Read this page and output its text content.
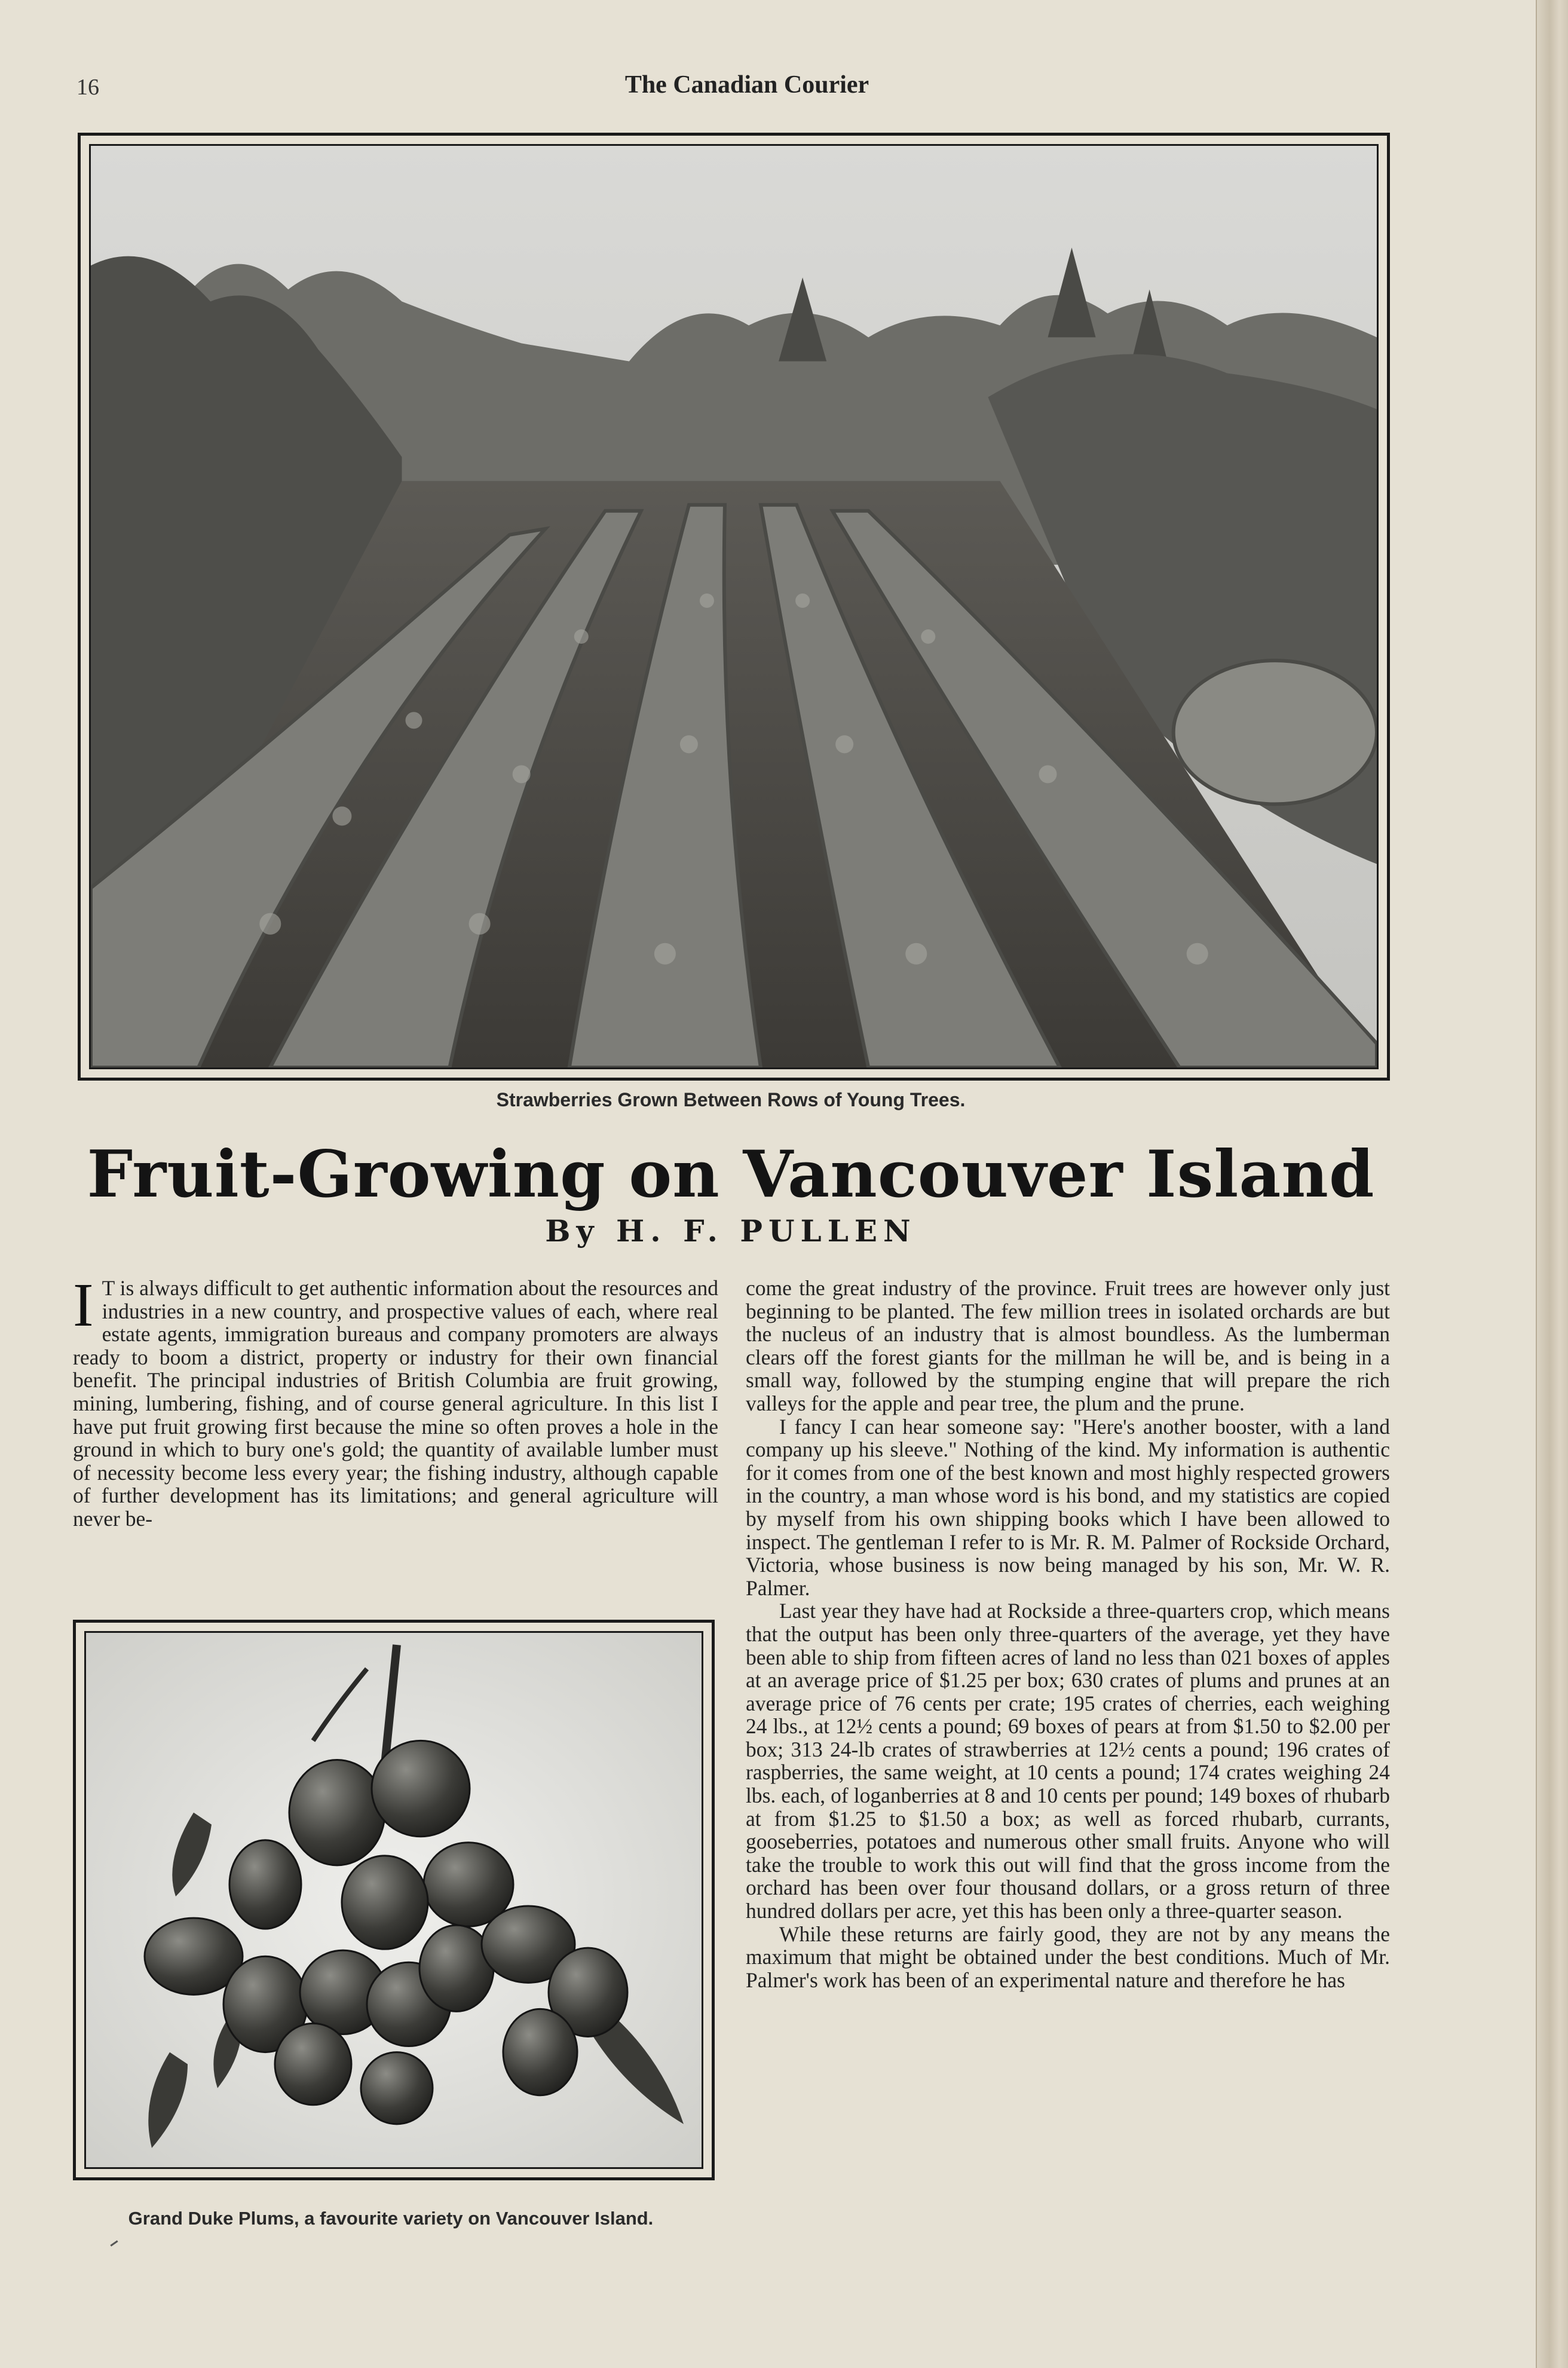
16	The Canadian Courier
Strawberries Grown Between Rows of Young Trees.
Fruit-Growing on Vancouver Island
By H. F. PULLEN

I T is always difficult to get authentic information about the resources and industries in a new country, and prospective values of each, where real estate agents, immigration bureaus and company promoters are always ready to boom a district, property or industry for their own financial benefit. The principal industries of British Columbia are fruit growing, mining, lumbering, fishing, and of course general agriculture. In this list I have put fruit growing first because the mine so often proves a hole in the ground in which to bury one's gold; the quantity of available lumber must of necessity become less every year; the fishing industry, although capable of further development has its limitations; and general agriculture will never be-

Grand Duke Plums, a favourite variety on Vancouver Island.

come the great industry of the province. Fruit trees are however only just beginning to be planted. The few million trees in isolated orchards are but the nucleus of an industry that is almost boundless. As the lumberman clears off the forest giants for the millman he will be, and is being in a small way, followed by the stumping engine that will prepare the rich valleys for the apple and pear tree, the plum and the prune.

I fancy I can hear someone say: "Here's another booster, with a land company up his sleeve." Nothing of the kind. My information is authentic for it comes from one of the best known and most highly respected growers in the country, a man whose word is his bond, and my statistics are copied by myself from his own shipping books which I have been allowed to inspect. The gentleman I refer to is Mr. R. M. Palmer of Rockside Orchard, Victoria, whose business is now being managed by his son, Mr. W. R. Palmer.

Last year they have had at Rockside a three-quarters crop, which means that the output has been only three-quarters of the average, yet they have been able to ship from fifteen acres of land no less than 021 boxes of apples at an average price of $1.25 per box; 630 crates of plums and prunes at an average price of 76 cents per crate; 195 crates of cherries, each weighing 24 lbs., at 12½ cents a pound; 69 boxes of pears at from $1.50 to $2.00 per box; 313 24-lb crates of strawberries at 12½ cents a pound; 196 crates of raspberries, the same weight, at 10 cents a pound; 174 crates weighing 24 lbs. each, of loganberries at 8 and 10 cents per pound; 149 boxes of rhubarb at from $1.25 to $1.50 a box; as well as forced rhubarb, currants, gooseberries, potatoes and numerous other small fruits. Anyone who will take the trouble to work this out will find that the gross income from the orchard has been over four thousand dollars, or a gross return of three hundred dollars per acre, yet this has been only a three-quarter season.

While these returns are fairly good, they are not by any means the maximum that might be obtained under the best conditions. Much of Mr. Palmer's work has been of an experimental nature and therefore he has
